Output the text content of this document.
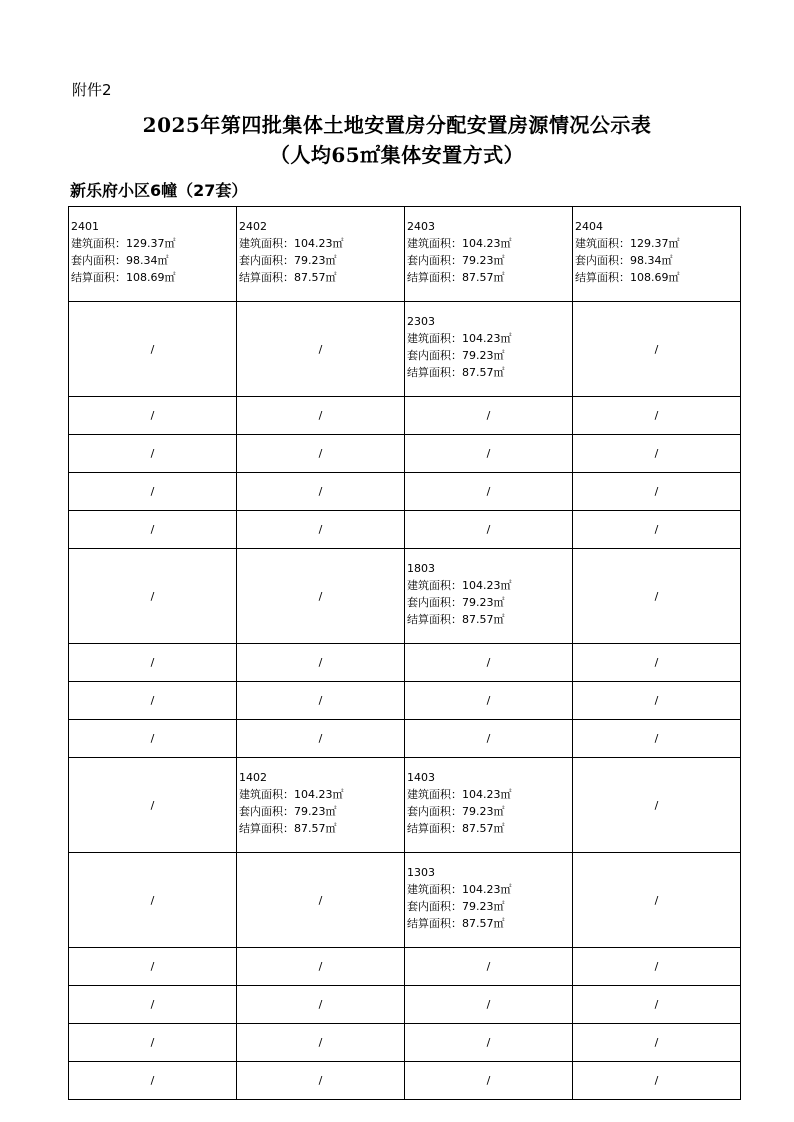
附件2
2025年第四批集体土地安置房分配安置房源情况公示表
（人均65㎡集体安置方式）
新乐府小区6幢（27套）
2401
建筑面积：129.37㎡
套内面积：98.34㎡
结算面积：108.69㎡	2402
建筑面积：104.23㎡
套内面积：79.23㎡
结算面积：87.57㎡	2403
建筑面积：104.23㎡
套内面积：79.23㎡
结算面积：87.57㎡	2404
建筑面积：129.37㎡
套内面积：98.34㎡
结算面积：108.69㎡

/	/	2303
建筑面积：104.23㎡
套内面积：79.23㎡
结算面积：87.57㎡	/
/	/	/	/
/	/	/	/
/	/	/	/
/	/	/	/
/	/	1803
建筑面积：104.23㎡
套内面积：79.23㎡
结算面积：87.57㎡	/
/	/	/	/
/	/	/	/
/	/	/	/
/	1402
建筑面积：104.23㎡
套内面积：79.23㎡
结算面积：87.57㎡	1403
建筑面积：104.23㎡
套内面积：79.23㎡
结算面积：87.57㎡	/
/	/	1303
建筑面积：104.23㎡
套内面积：79.23㎡
结算面积：87.57㎡	/
/	/	/	/
/	/	/	/
/	/	/	/
/	/	/	/
